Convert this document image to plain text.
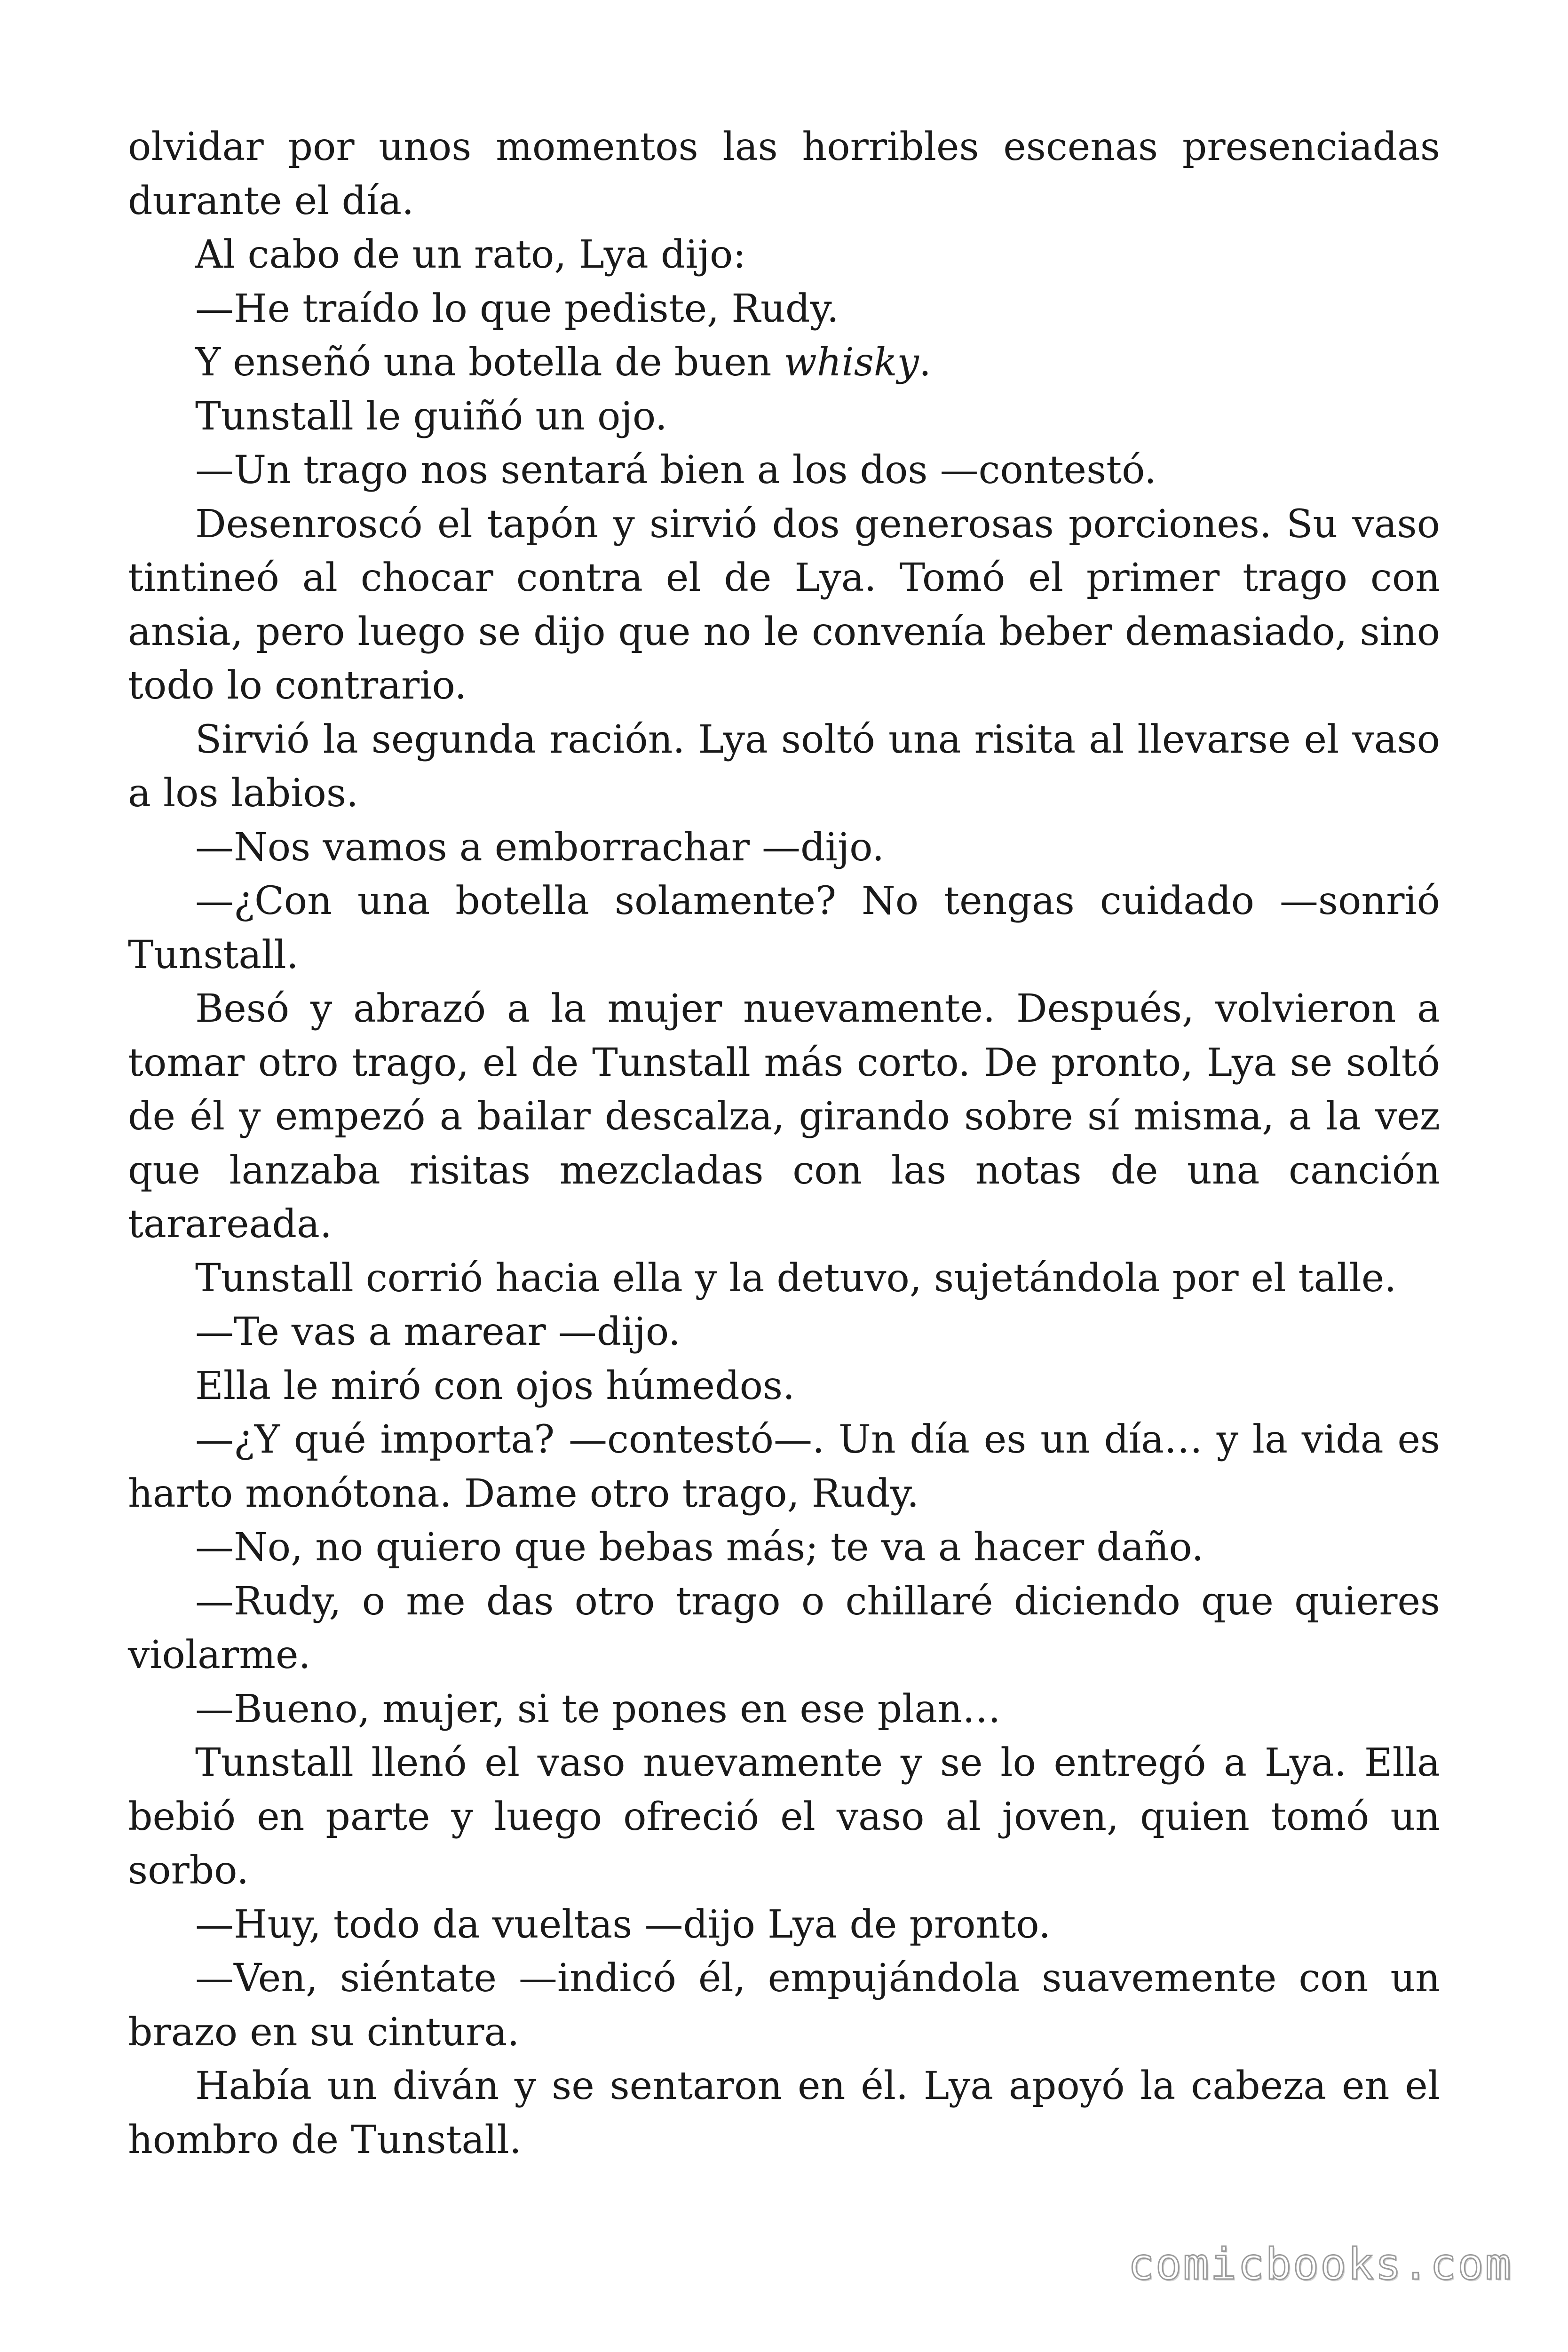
olvidar por unos momentos las horribles escenas presenciadas durante el día.

Al cabo de un rato, Lya dijo:

—He traído lo que pediste, Rudy.

Y enseñó una botella de buen whisky.

Tunstall le guiñó un ojo.

—Un trago nos sentará bien a los dos —contestó.

Desenroscó el tapón y sirvió dos generosas porciones. Su vaso tintineó al chocar contra el de Lya. Tomó el primer trago con ansia, pero luego se dijo que no le convenía beber demasiado, sino todo lo contrario.

Sirvió la segunda ración. Lya soltó una risita al llevarse el vaso a los labios.

—Nos vamos a emborrachar —dijo.

—¿Con una botella solamente? No tengas cuidado —sonrió Tunstall.

Besó y abrazó a la mujer nuevamente. Después, volvieron a tomar otro trago, el de Tunstall más corto. De pronto, Lya se soltó de él y empezó a bailar descalza, girando sobre sí misma, a la vez que lanzaba risitas mezcladas con las notas de una canción tarareada.

Tunstall corrió hacia ella y la detuvo, sujetándola por el talle.

—Te vas a marear —dijo.

Ella le miró con ojos húmedos.

—¿Y qué importa? —contestó—. Un día es un día… y la vida es harto monótona. Dame otro trago, Rudy.

—No, no quiero que bebas más; te va a hacer daño.

—Rudy, o me das otro trago o chillaré diciendo que quieres violarme.

—Bueno, mujer, si te pones en ese plan…

Tunstall llenó el vaso nuevamente y se lo entregó a Lya. Ella bebió en parte y luego ofreció el vaso al joven, quien tomó un sorbo.

—Huy, todo da vueltas —dijo Lya de pronto.

—Ven, siéntate —indicó él, empujándola suavemente con un brazo en su cintura.

Había un diván y se sentaron en él. Lya apoyó la cabeza en el hombro de Tunstall.

comicbooks.com
